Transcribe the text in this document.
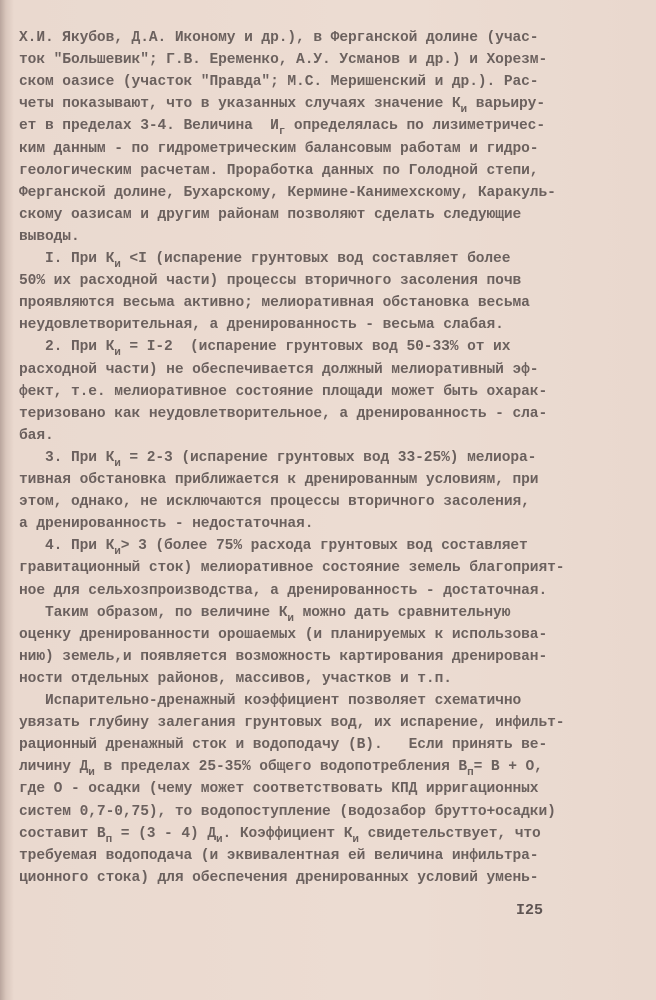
Х.И. Якубов, Д.А. Икономy и др.), в Ферганской долине (учас-
ток "Большевик"; Г.В. Еременко, А.У. Усманов и др.) и Хорезм-
ском оазисе (участок "Правда"; М.С. Меришенский и др.). Рас-
четы показывают, что в указанных случаях значение $К_и$ варьиру-
ет в пределах 3-4. Величина  $И_г$ определялась по лизиметричес-
ким данным - по гидрометрическим балансовым работам и гидро-
геологическим расчетам. Проработка данных по Голодной степи,
Ферганской долине, Бухарскому, Кермине-Канимехскому, Каракуль-
скому оазисам и другим районам позволяют сделать следующие
выводы.
I. При $К_и <I$ (испарение грунтовых вод составляет более
50% их расходной части) процессы вторичного засоления почв
проявляются весьма активно; мелиоративная обстановка весьма
неудовлетворительная, а дренированность - весьма слабая.
2. При $К_и = I-2$  (испарение грунтовых вод 50-33% от их
расходной части) не обеспечивается должный мелиоративный эф-
фект, т.е. мелиоративное состояние площади может быть охарак-
теризовано как неудовлетворительное, а дренированность - сла-
бая.
3. При $К_и = 2-3$ (испарение грунтовых вод 33-25%) мелиора-
тивная обстановка приближается к дренированным условиям, при
этом, однако, не исключаются процессы вторичного засоления,
а дренированность - недостаточная.
4. При $К_и> 3$ (более 75% расхода грунтовых вод составляет
гравитационный сток) мелиоративное состояние земель благоприят-
ное для сельхозпроизводства, а дренированность - достаточная.
Таким образом, по величине $К_и$ можно дать сравнительную
оценку дренированности орошаемых (и планируемых к использова-
нию) земель,и появляется возможность картирования дренирован-
ности отдельных районов, массивов, участков и т.п.
Испарительно-дренажный коэффициент позволяет схематично
увязать глубину залегания грунтовых вод, их испарение, инфильт-
рационный дренажный сток и водоподачу (В).   Если принять ве-
личину $Д_и$ в пределах 25-35% общего водопотребления $В_п= В + О$,
где О - осадки (чему может соответствовать КПД ирригационных
систем 0,7-0,75), то водопоступление (водозабор брутто+осадки)
составит $В_п = (3 - 4)$ $Д_и$. Коэффициент $К_и$ свидетельствует, что
требуемая водоподача (и эквивалентная ей величина инфильтра-
ционного стока) для обеспечения дренированных условий умень-
I25
